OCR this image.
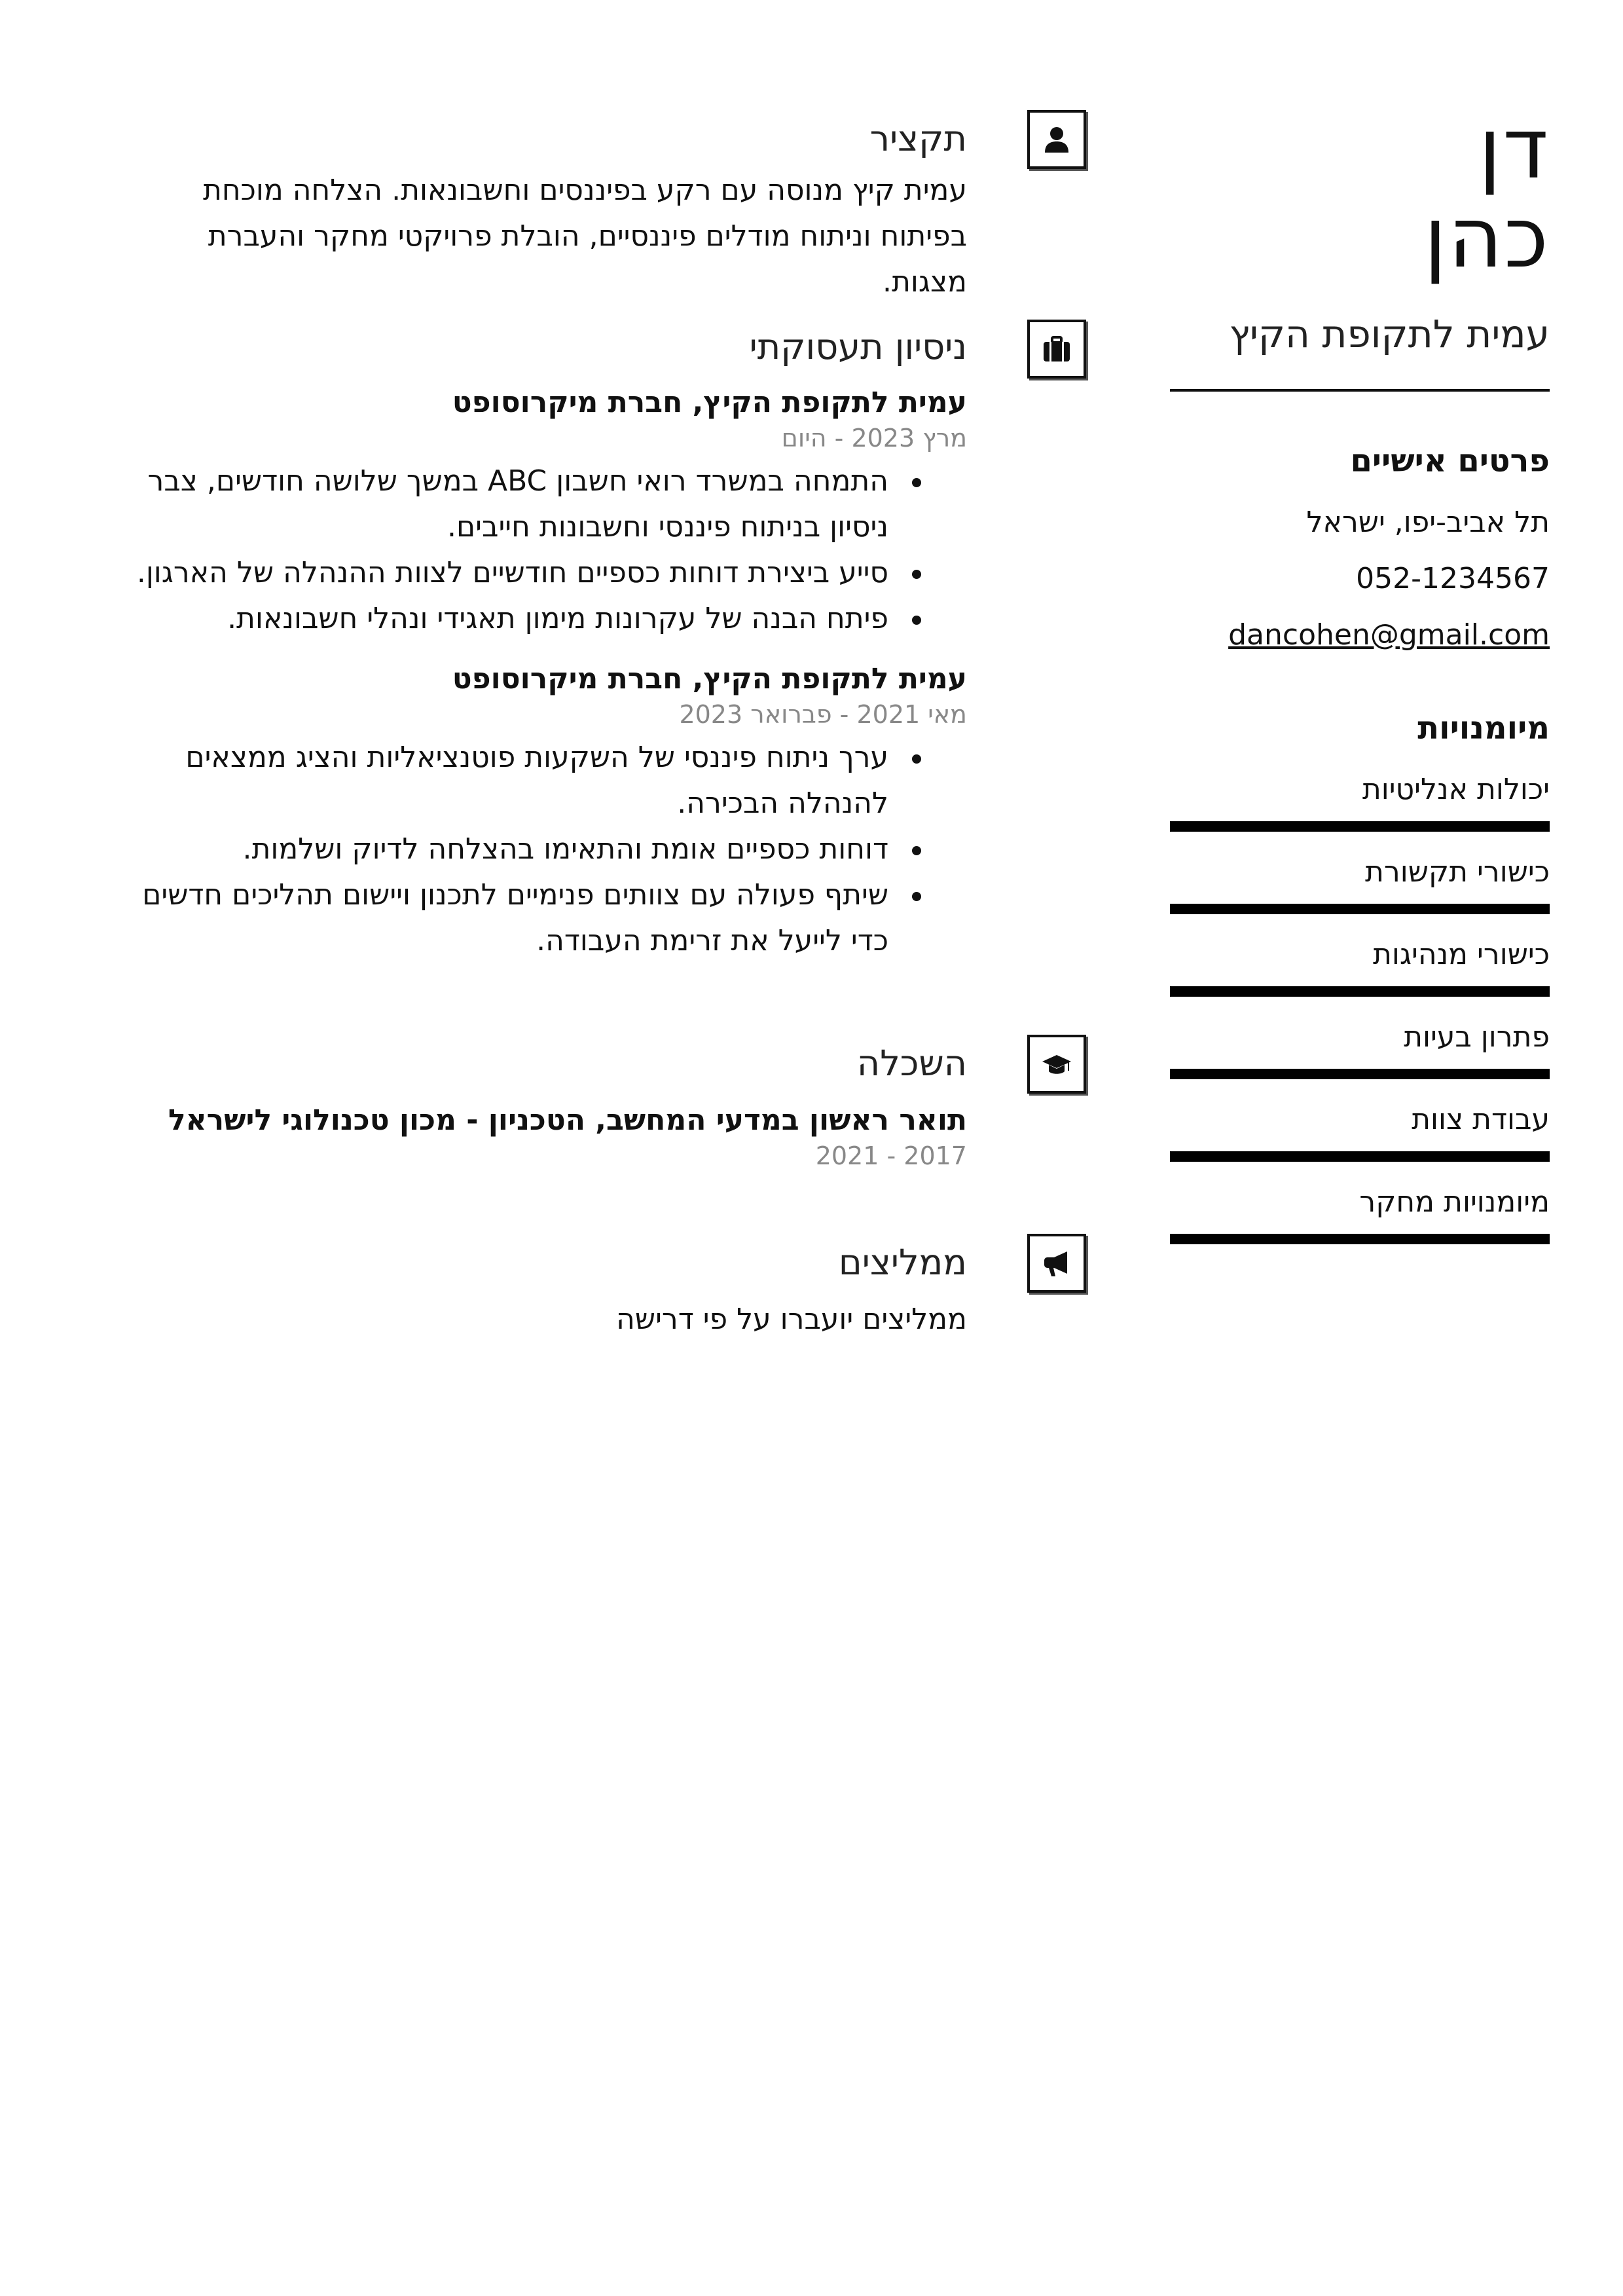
דן
כהן
עמית לתקופת הקיץ
פרטים אישיים
תל אביב-יפו, ישראל
052-1234567
dancohen@gmail.com
מיומנויות
יכולות אנליטיות
כישורי תקשורת
כישורי מנהיגות
פתרון בעיות
עבודת צוות
מיומנויות מחקר
תקציר
עמית קיץ מנוסה עם רקע בפיננסים וחשבונאות. הצלחה מוכחת בפיתוח וניתוח מודלים פיננסיים, הובלת פרויקטי מחקר והעברת מצגות.
ניסיון תעסוקתי
עמית לתקופת הקיץ, חברת מיקרוסופט
מרץ 2023 - היום
התמחה במשרד רואי חשבון ABC במשך שלושה חודשים, צבר ניסיון בניתוח פיננסי וחשבונות חייבים.
סייע ביצירת דוחות כספיים חודשיים לצוות ההנהלה של הארגון.
פיתח הבנה של עקרונות מימון תאגידי ונהלי חשבונאות.
עמית לתקופת הקיץ, חברת מיקרוסופט
מאי 2021 - פברואר 2023
ערך ניתוח פיננסי של השקעות פוטנציאליות והציג ממצאים להנהלה הבכירה.
דוחות כספיים אומת והתאימו בהצלחה לדיוק ושלמות.
שיתף פעולה עם צוותים פנימיים לתכנון ויישום תהליכים חדשים כדי לייעל את זרימת העבודה.
השכלה
תואר ראשון במדעי המחשב, הטכניון - מכון טכנולוגי לישראל
2017 - 2021
ממליצים
ממליצים יועברו על פי דרישה
